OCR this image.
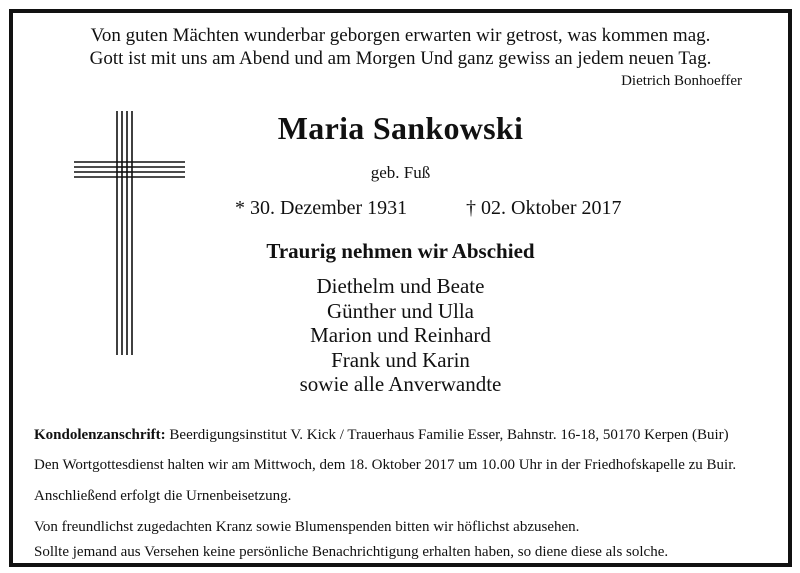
Von guten Mächten wunderbar geborgen erwarten wir getrost, was kommen mag.
Gott ist mit uns am Abend und am Morgen Und ganz gewiss an jedem neuen Tag.
Dietrich Bonhoeffer
Maria Sankowski
geb. Fuß
* 30. Dezember 1931	† 02. Oktober 2017
Traurig nehmen wir Abschied
Diethelm und Beate
Günther und Ulla
Marion und Reinhard
Frank und Karin
sowie alle Anverwandte
Kondolenzanschrift: Beerdigungsinstitut V. Kick / Trauerhaus Familie Esser, Bahnstr. 16-18, 50170 Kerpen (Buir)
Den Wortgottesdienst halten wir am Mittwoch, dem 18. Oktober 2017 um 10.00 Uhr in der Friedhofskapelle zu Buir.
Anschließend erfolgt die Urnenbeisetzung.
Von freundlichst zugedachten Kranz sowie Blumenspenden bitten wir höflichst abzusehen.
Sollte jemand aus Versehen keine persönliche Benachrichtigung erhalten haben, so diene diese als solche.
